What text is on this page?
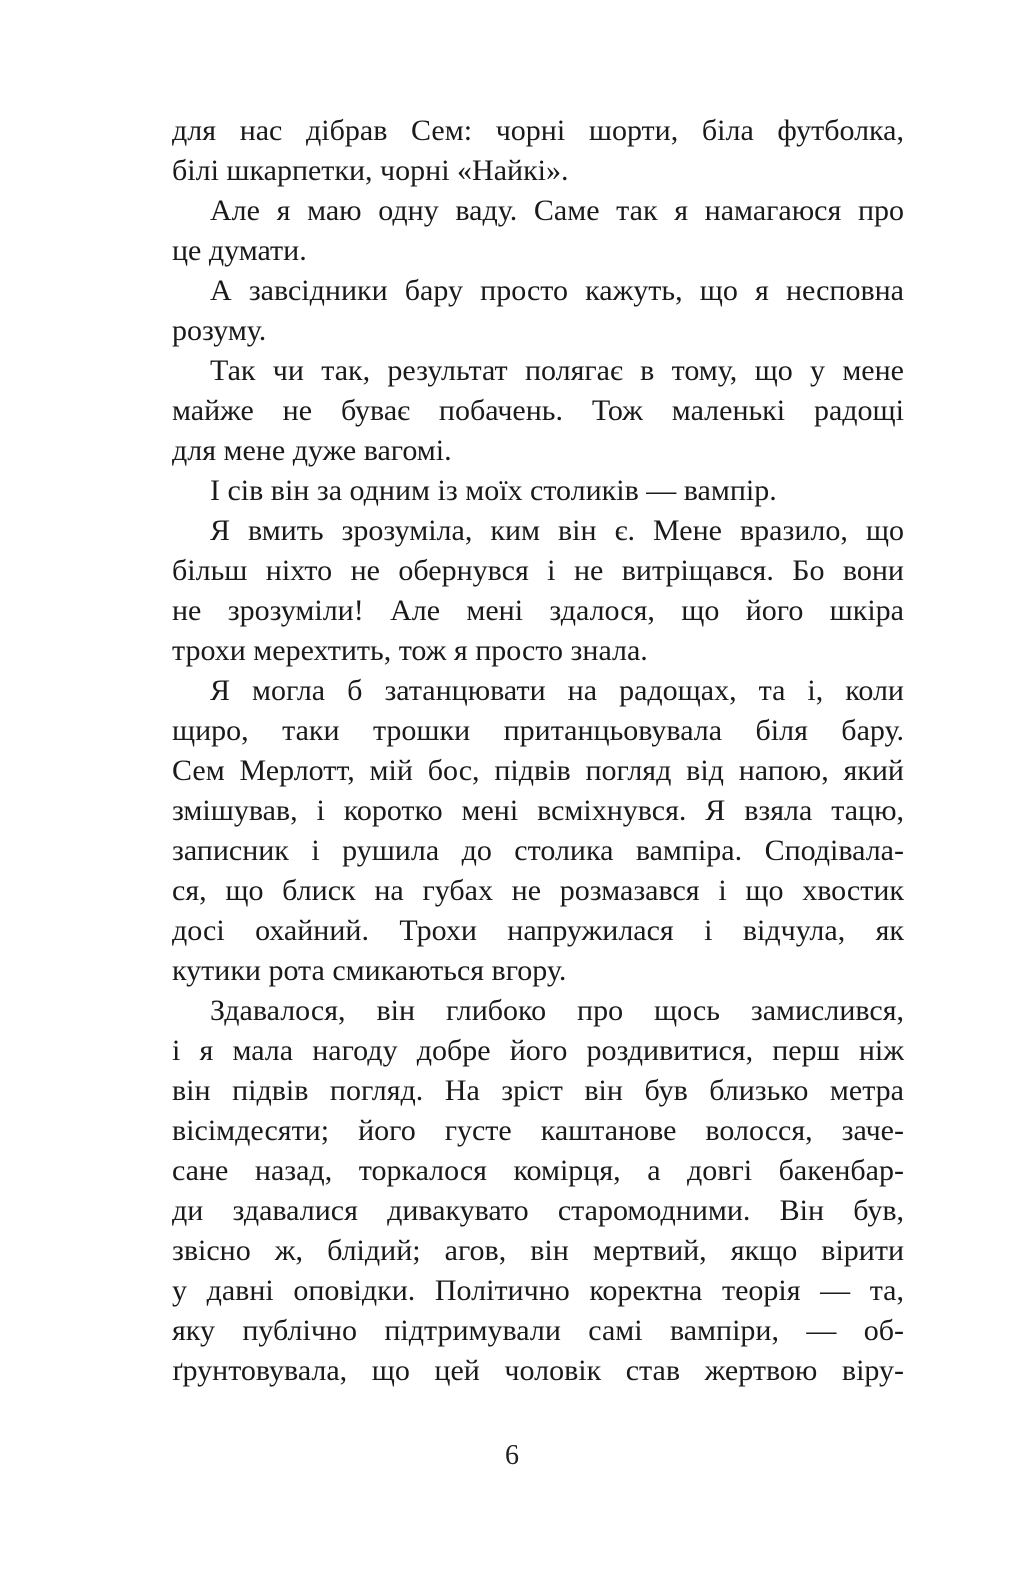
для нас дібрав Сем: чорні шорти, біла футболка,
білі шкарпетки, чорні «Найкі».
Але я маю одну ваду. Саме так я намагаюся про
це думати.
А завсідники бару просто кажуть, що я несповна
розуму.
Так чи так, результат полягає в тому, що у мене
майже не буває побачень. Тож маленькі радощі
для мене дуже вагомі.
І сів він за одним із моїх столиків — вампір.
Я вмить зрозуміла, ким він є. Мене вразило, що
більш ніхто не обернувся і не витріщався. Бо вони
не зрозуміли! Але мені здалося, що його шкіра
трохи мерехтить, тож я просто знала.
Я могла б затанцювати на радощах, та і, коли
щиро, таки трошки пританцьовувала біля бару.
Сем Мерлотт, мій бос, підвів погляд від напою, який
змішував, і коротко мені всміхнувся. Я взяла тацю,
записник і рушила до столика вампіра. Сподівала-
ся, що блиск на губах не розмазався і що хвостик
досі охайний. Трохи напружилася і відчула, як
кутики рота смикаються вгору.
Здавалося, він глибоко про щось замислився,
і я мала нагоду добре його роздивитися, перш ніж
він підвів погляд. На зріст він був близько метра
вісімдесяти; його густе каштанове волосся, заче-
сане назад, торкалося комірця, а довгі бакенбар-
ди здавалися дивакувато старомодними. Він був,
звісно ж, блідий; агов, він мертвий, якщо вірити
у давні оповідки. Політично коректна теорія — та,
яку публічно підтримували самі вампіри, — об-
ґрунтовувала, що цей чоловік став жертвою віру-
6
